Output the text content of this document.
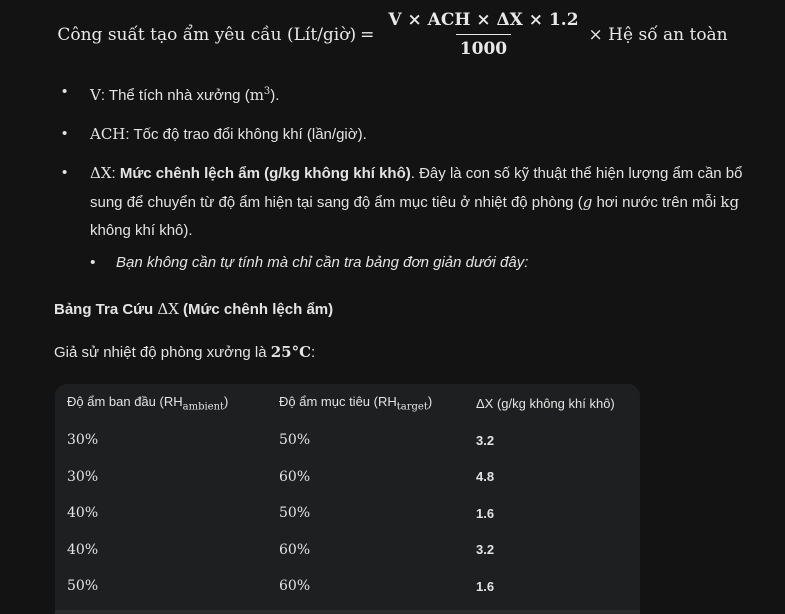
Công suất tạo ẩm yêu cầu (Lít/giờ) = $\frac{\text{V × ACH × ΔX × 1.2}}{1000}$ × Hệ số an toàn
• V: Thể tích nhà xưởng $(m^3)$.
• ACH: Tốc độ trao đổi không khí (lần/giờ).
• ΔX: Mức chênh lệch ẩm (g/kg không khí khô). Đây là con số kỹ thuật thể hiện lượng ẩm cần bổ sung để chuyển từ độ ẩm hiện tại sang độ ẩm mục tiêu ở nhiệt độ phòng (g hơi nước trên mỗi kg không khí khô).
• Bạn không cần tự tính mà chỉ cần tra bảng đơn giản dưới đây:
Bảng Tra Cứu ΔX (Mức chênh lệch ẩm)
Giả sử nhiệt độ phòng xưởng là 25°C:
Độ ẩm ban đầu $(RH_{ambient})$	Độ ẩm mục tiêu $(RH_{target})$	ΔX (g/kg không khí khô)
30%	50%	3.2
30%	60%	4.8
40%	50%	1.6
40%	60%	3.2
50%	60%	1.6
